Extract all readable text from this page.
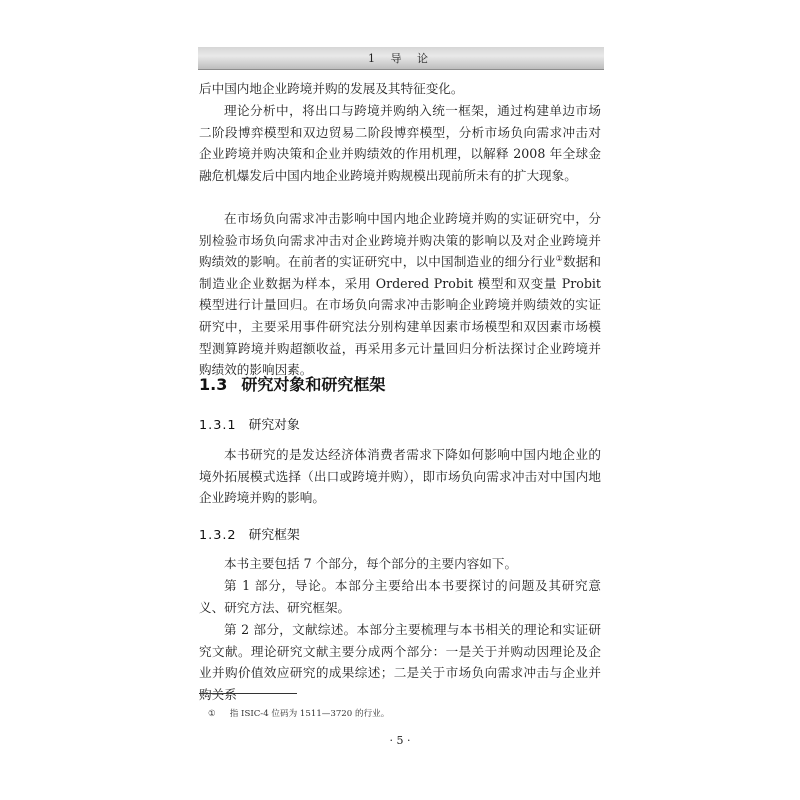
1 导 论

后中国内地企业跨境并购的发展及其特征变化。

理论分析中，将出口与跨境并购纳入统一框架，通过构建单边市场二阶段博弈模型和双边贸易二阶段博弈模型，分析市场负向需求冲击对企业跨境并购决策和企业并购绩效的作用机理，以解释 2008 年全球金融危机爆发后中国内地企业跨境并购规模出现前所未有的扩大现象。

在市场负向需求冲击影响中国内地企业跨境并购的实证研究中，分别检验市场负向需求冲击对企业跨境并购决策的影响以及对企业跨境并购绩效的影响。在前者的实证研究中，以中国制造业的细分行业①数据和制造业企业数据为样本，采用 Ordered Probit 模型和双变量 Probit 模型进行计量回归。在市场负向需求冲击影响企业跨境并购绩效的实证研究中，主要采用事件研究法分别构建单因素市场模型和双因素市场模型测算跨境并购超额收益，再采用多元计量回归分析法探讨企业跨境并购绩效的影响因素。

1.3 研究对象和研究框架
1.3.1 研究对象

本书研究的是发达经济体消费者需求下降如何影响中国内地企业的境外拓展模式选择（出口或跨境并购），即市场负向需求冲击对中国内地企业跨境并购的影响。

1.3.2 研究框架

本书主要包括 7 个部分，每个部分的主要内容如下。

第 1 部分，导论。本部分主要给出本书要探讨的问题及其研究意义、研究方法、研究框架。

第 2 部分，文献综述。本部分主要梳理与本书相关的理论和实证研究文献。理论研究文献主要分成两个部分：一是关于并购动因理论及企业并购价值效应研究的成果综述；二是关于市场负向需求冲击与企业并购关系

① 指 ISIC-4 位码为 1511—3720 的行业。
· 5 ·
